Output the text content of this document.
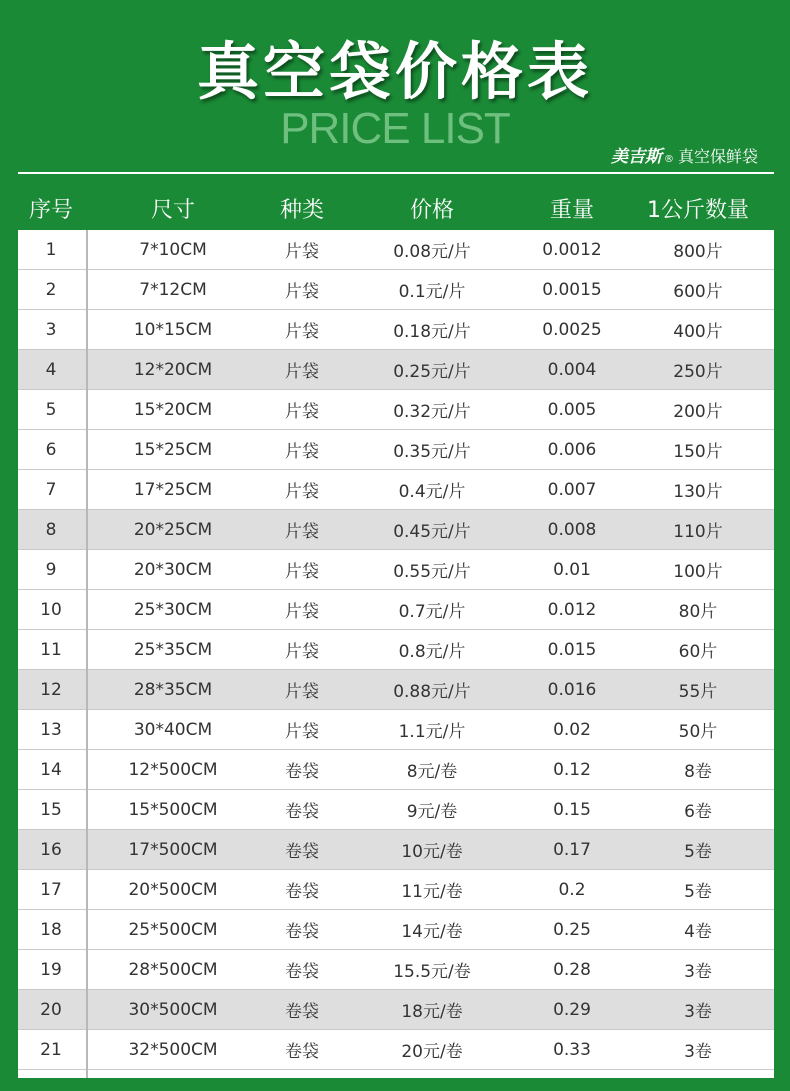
真空袋价格表
PRICE LIST
美吉斯 ® 真空保鲜袋
序号	尺寸	种类	价格	重量	1公斤数量
1	7*10CM	片袋	0.08元/片	0.0012	800片
2	7*12CM	片袋	0.1元/片	0.0015	600片
3	10*15CM	片袋	0.18元/片	0.0025	400片
4	12*20CM	片袋	0.25元/片	0.004	250片
5	15*20CM	片袋	0.32元/片	0.005	200片
6	15*25CM	片袋	0.35元/片	0.006	150片
7	17*25CM	片袋	0.4元/片	0.007	130片
8	20*25CM	片袋	0.45元/片	0.008	110片
9	20*30CM	片袋	0.55元/片	0.01	100片
10	25*30CM	片袋	0.7元/片	0.012	80片
11	25*35CM	片袋	0.8元/片	0.015	60片
12	28*35CM	片袋	0.88元/片	0.016	55片
13	30*40CM	片袋	1.1元/片	0.02	50片
14	12*500CM	卷袋	8元/卷	0.12	8卷
15	15*500CM	卷袋	9元/卷	0.15	6卷
16	17*500CM	卷袋	10元/卷	0.17	5卷
17	20*500CM	卷袋	11元/卷	0.2	5卷
18	25*500CM	卷袋	14元/卷	0.25	4卷
19	28*500CM	卷袋	15.5元/卷	0.28	3卷
20	30*500CM	卷袋	18元/卷	0.29	3卷
21	32*500CM	卷袋	20元/卷	0.33	3卷
